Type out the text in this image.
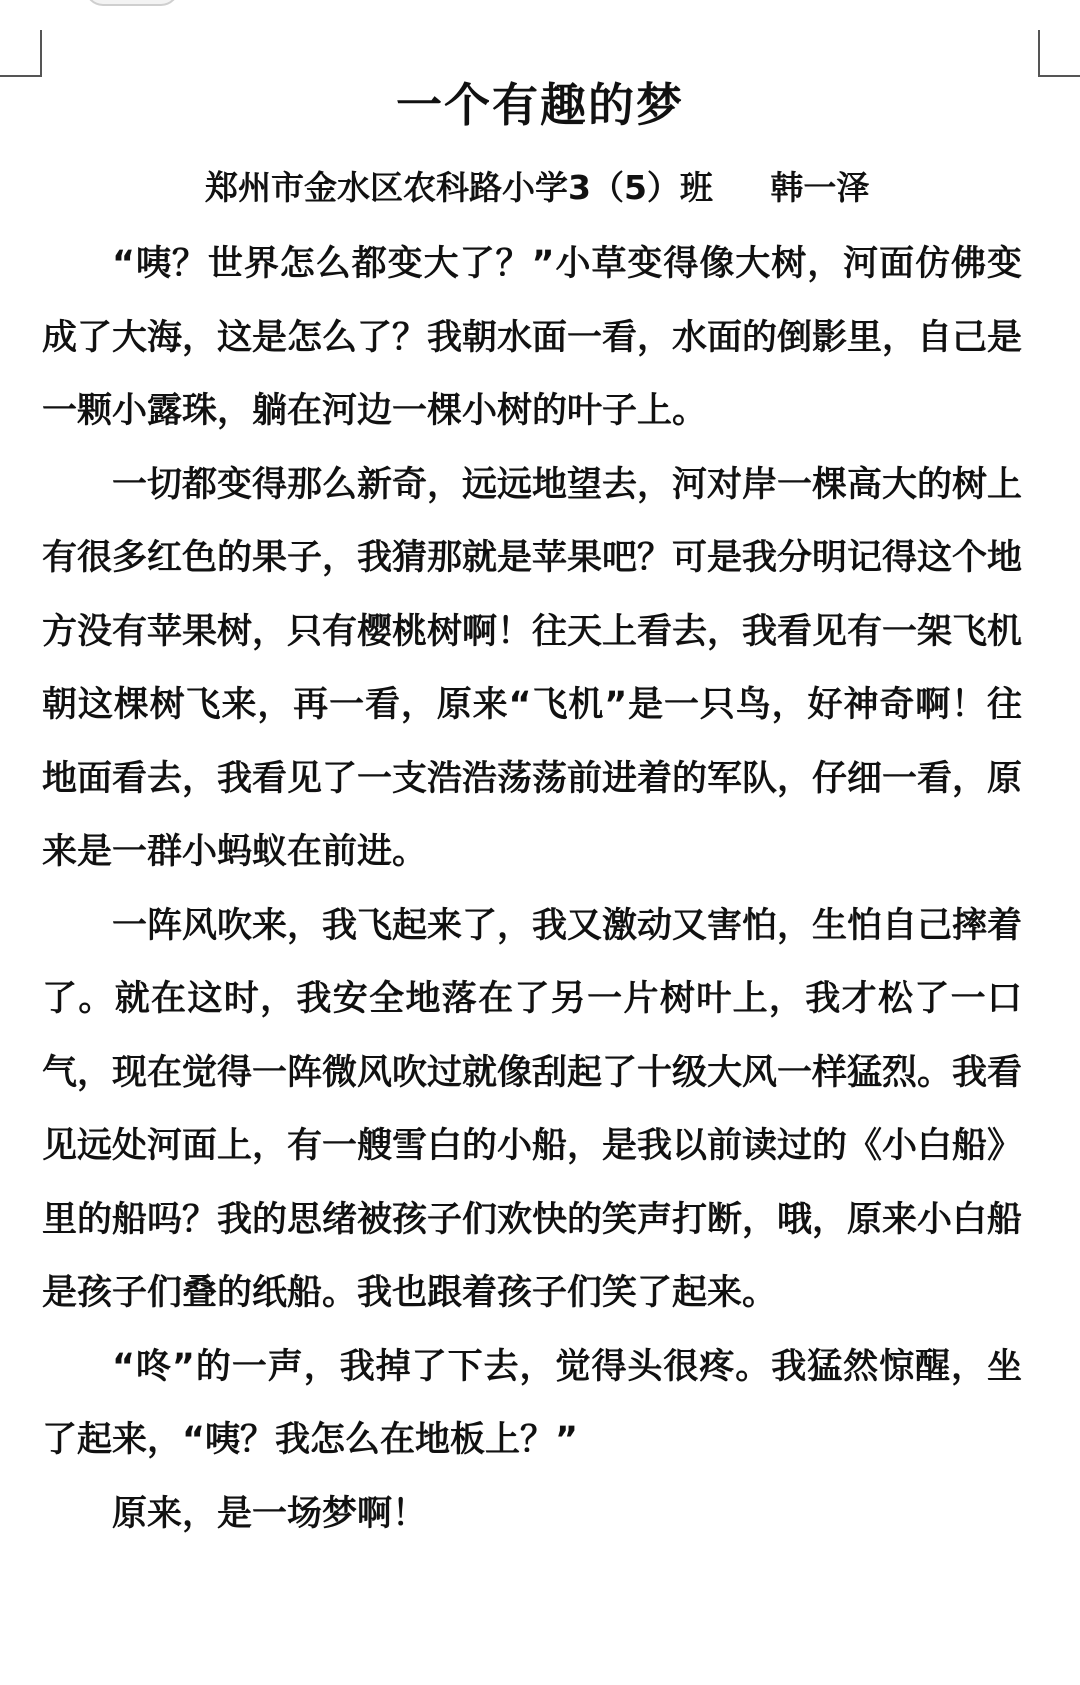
一个有趣的梦
郑州市金水区农科路小学3（5）班     韩一泽

“咦？世界怎么都变大了？”小草变得像大树，河面仿佛变成了大海，这是怎么了？我朝水面一看，水面的倒影里，自己是一颗小露珠，躺在河边一棵小树的叶子上。

一切都变得那么新奇，远远地望去，河对岸一棵高大的树上有很多红色的果子，我猜那就是苹果吧？可是我分明记得这个地方没有苹果树，只有樱桃树啊！往天上看去，我看见有一架飞机朝这棵树飞来，再一看，原来“飞机”是一只鸟，好神奇啊！往地面看去，我看见了一支浩浩荡荡前进着的军队，仔细一看，原来是一群小蚂蚁在前进。

一阵风吹来，我飞起来了，我又激动又害怕，生怕自己摔着了。就在这时，我安全地落在了另一片树叶上，我才松了一口气，现在觉得一阵微风吹过就像刮起了十级大风一样猛烈。我看见远处河面上，有一艘雪白的小船，是我以前读过的《小白船》里的船吗？我的思绪被孩子们欢快的笑声打断，哦，原来小白船是孩子们叠的纸船。我也跟着孩子们笑了起来。

“咚”的一声，我掉了下去，觉得头很疼。我猛然惊醒，坐了起来，“咦？我怎么在地板上？”

原来，是一场梦啊！
